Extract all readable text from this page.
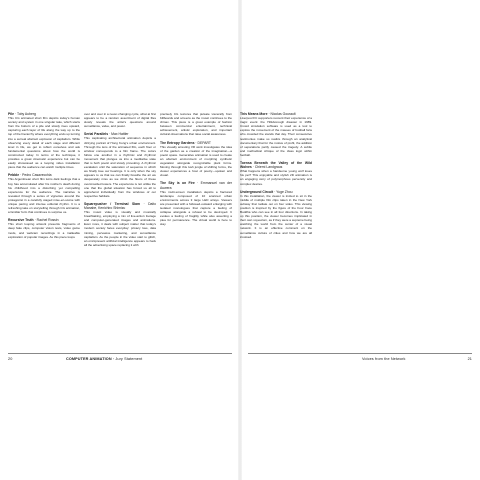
Pile · Toby Auberg
This CG animated short film depicts today's human society and system in one singular take, which starts from the bottom of a pile and slowly rises upward, capturing each layer of life along the way up to the top of the hierarchy where everything ends up turning into a surreal abstract explosion of capitalism. While observing every detail of each stage and different level in life, we get to reflect ourselves and ask fundamental questions about how the world is constructed today. In terms of the technique, it provides a great cinematic experience but can be easily showcased as a looping video installation piece that the audience can watch multiple times.
Pebble · Pedro Casavecchia
This Argentinean short film turns dark feelings that a boy has accumulated after his mother's death during his childhood into a disturbing yet compelling experience for the audience. The narrative is revealed through a series of vignettes around the protagonist in a carefully staged mise-en-scène with unique pacing and intense editorial rhythm. It is a refreshing take on storytelling through CG animation, a familiar form that continues to surprise us.
Recursive Truth · Rachel Rossin
This short looping artwork presents fragments of deep fake clips, computer vision tests, video game mods, and webcam recordings in a malleable exploration of popular images. As this piece loops
over and over in a never-changing cycle, what at first appears to be a random assortment of digital files slowly reveals the artist's questions around surveillance, value, and power.
Serial Parallels · Max Hattler
This captivating architectural animation depicts a dizzying portrait of Hong Kong's urban environment. Through the lens of the animated film, each floor or window corresponds to a film frame. The colors follow one another in a rhythmic and rhythmic movement that plunges us into a meditative state that is both poetic and slowly provoking. A rhythmic escalation until the saturation of sequence in which we finally lose our bearings. It is only when the sky appears to us that we can finally breathe the air we desperately miss as we climb the floors of these overcrowded towers. The experience is not unlike the one that the global situation has forced us all to apprehend individually from the windows of our respective habitats.
Squarepusher / Terminal Slam · Daito Manabe, Kenichiro Shimizu
This music video is visually and musically breathtaking, employing a mix of live-action footage and computer-generated images and animations. Even more, it deals with subject matter that today's modern society faces everyday: privacy loss, data mining, pervasive marketing, and surveillance capitalism. As the people in the video start to glitch, an omnipresent artificial intelligence appears to hack all the advertising space replacing it with
precisely CG textures that pulsate viscerally from billboards and screens as the music continues to the climax. This piece is a great example of fashion between commercial entertainment, technical achievement, artistic exploration, and important cultural observations that raise social awareness.
The Entropy Gardens · DEPART
This visually arresting VR work investigates the idea of the garden as a creation of the imagination—a poetic space. Generative animation is used to create an abstract environment of morphing synthetic vegetation alongside recognizable plant forms. Moving through this lush jungle of shifting forms, the viewer experiences a host of poetry—spoken and visual.
The Sky is on Fire · Emmanuel van der Auwera
This multi-screen installation depicts a fractured landscape composed of 10 scanned urban environments across 3 large LED arrays. Viewers are presented with a followed-outward enlarging with isolated monologues that capture a feeling of collapse alongside a refusal to be destroyed. It evokes a feeling of fragility while also asserting a plea for permanence. The virtual world is here to stay.
This Means More · Nicolas Gourault
Liverpool FC supporters recount their experience of a tragic event: the Hillsborough disaster in 1989. Crowd simulation software is used as a tool to explore the movement of the masses of football fans who crowded the stands that day. Their consecutive testimonies make us realize through an analytical documentary that for the motive of profit, the addition of separations partly caused the tragedy. A subtle and methodical critique of the class logic within football.
Toensa Beneath the Valley of the Wild Wolves · Chiemi Landgraus
What happens when a handsome young wolf loses his pet? This enjoyable and stylish 2D animation is an engaging story of polymorphous perversity and complex desires.
Underground Circuit · Yuge Zhou
In this installation, the viewer is invited to sit in the middle of multiple film clips taken in the New York subway that radiate out on four sides. This viewing position is inspired by the figure of the Four Face Buddha who can see in all four directions. In taking up this position, the viewer becomes implicated in their own voyeurism, as if they were a supreme being watching the world from the center of a visual network. It is an effective comment on the surveillance culture of cities and how we are all involved.
20	COMPUTER ANIMATION · Jury Statement	Voices from the Network	21
